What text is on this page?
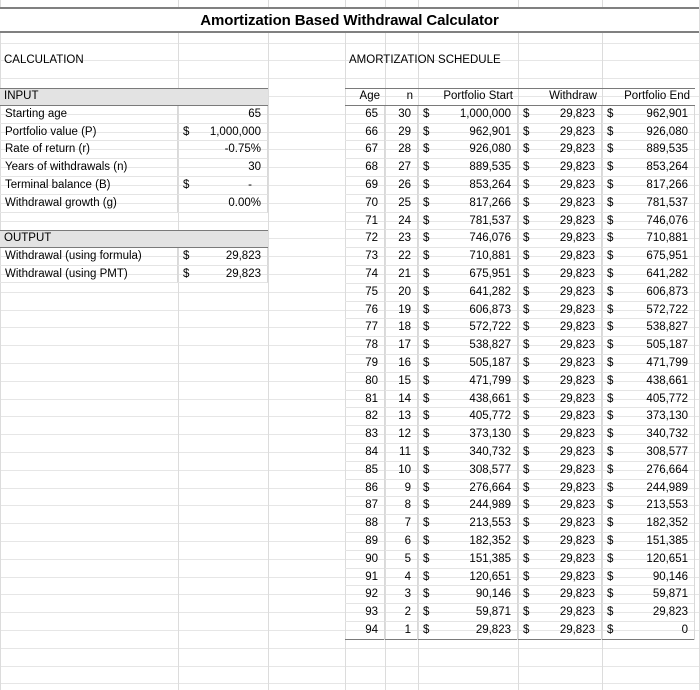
Amortization Based Withdrawal Calculator
CALCULATION	AMORTIZATION SCHEDULE
INPUT
Starting age	65
Portfolio value (P)	$ 1,000,000
Rate of return (r)	-0.75%
Years of withdrawals (n)	30
Terminal balance (B)	$	-
Withdrawal growth (g)	0.00%
OUTPUT
Withdrawal (using formula)	$	29,823
Withdrawal (using PMT)	$	29,823
Age	n	Portfolio Start	Withdraw	Portfolio End
65	30	$	1,000,000 $	29,823 $	962,901
66	29	$	962,901 $	29,823 $	926,080
67	28	$	926,080 $	29,823 $	889,535
68	27	$	889,535 $	29,823 $	853,264
69	26	$	853,264 $	29,823 $	817,266
70	25	$	817,266 $	29,823 $	781,537
71	24	$	781,537 $	29,823 $	746,076
72	23	$	746,076 $	29,823 $	710,881
73	22	$	710,881 $	29,823 $	675,951
74	21	$	675,951 $	29,823 $	641,282
75	20	$	641,282 $	29,823 $	606,873
76	19	$	606,873 $	29,823 $	572,722
77	18	$	572,722 $	29,823 $	538,827
78	17	$	538,827 $	29,823 $	505,187
79	16	$	505,187 $	29,823 $	471,799
80	15	$	471,799 $	29,823 $	438,661
81	14	$	438,661 $	29,823 $	405,772
82	13	$	405,772 $	29,823 $	373,130
83	12	$	373,130 $	29,823 $	340,732
84	11	$	340,732 $	29,823 $	308,577
85	10	$	308,577 $	29,823 $	276,664
86	9	$	276,664 $	29,823 $	244,989
87	8	$	244,989 $	29,823 $	213,553
88	7	$	213,553 $	29,823 $	182,352
89	6	$	182,352 $	29,823 $	151,385
90	5	$	151,385 $	29,823 $	120,651
91	4	$	120,651 $	29,823 $	90,146
92	3	$	90,146 $	29,823 $	59,871
93	2	$	59,871 $	29,823 $	29,823
94	1	$	29,823 $	29,823 $	0
